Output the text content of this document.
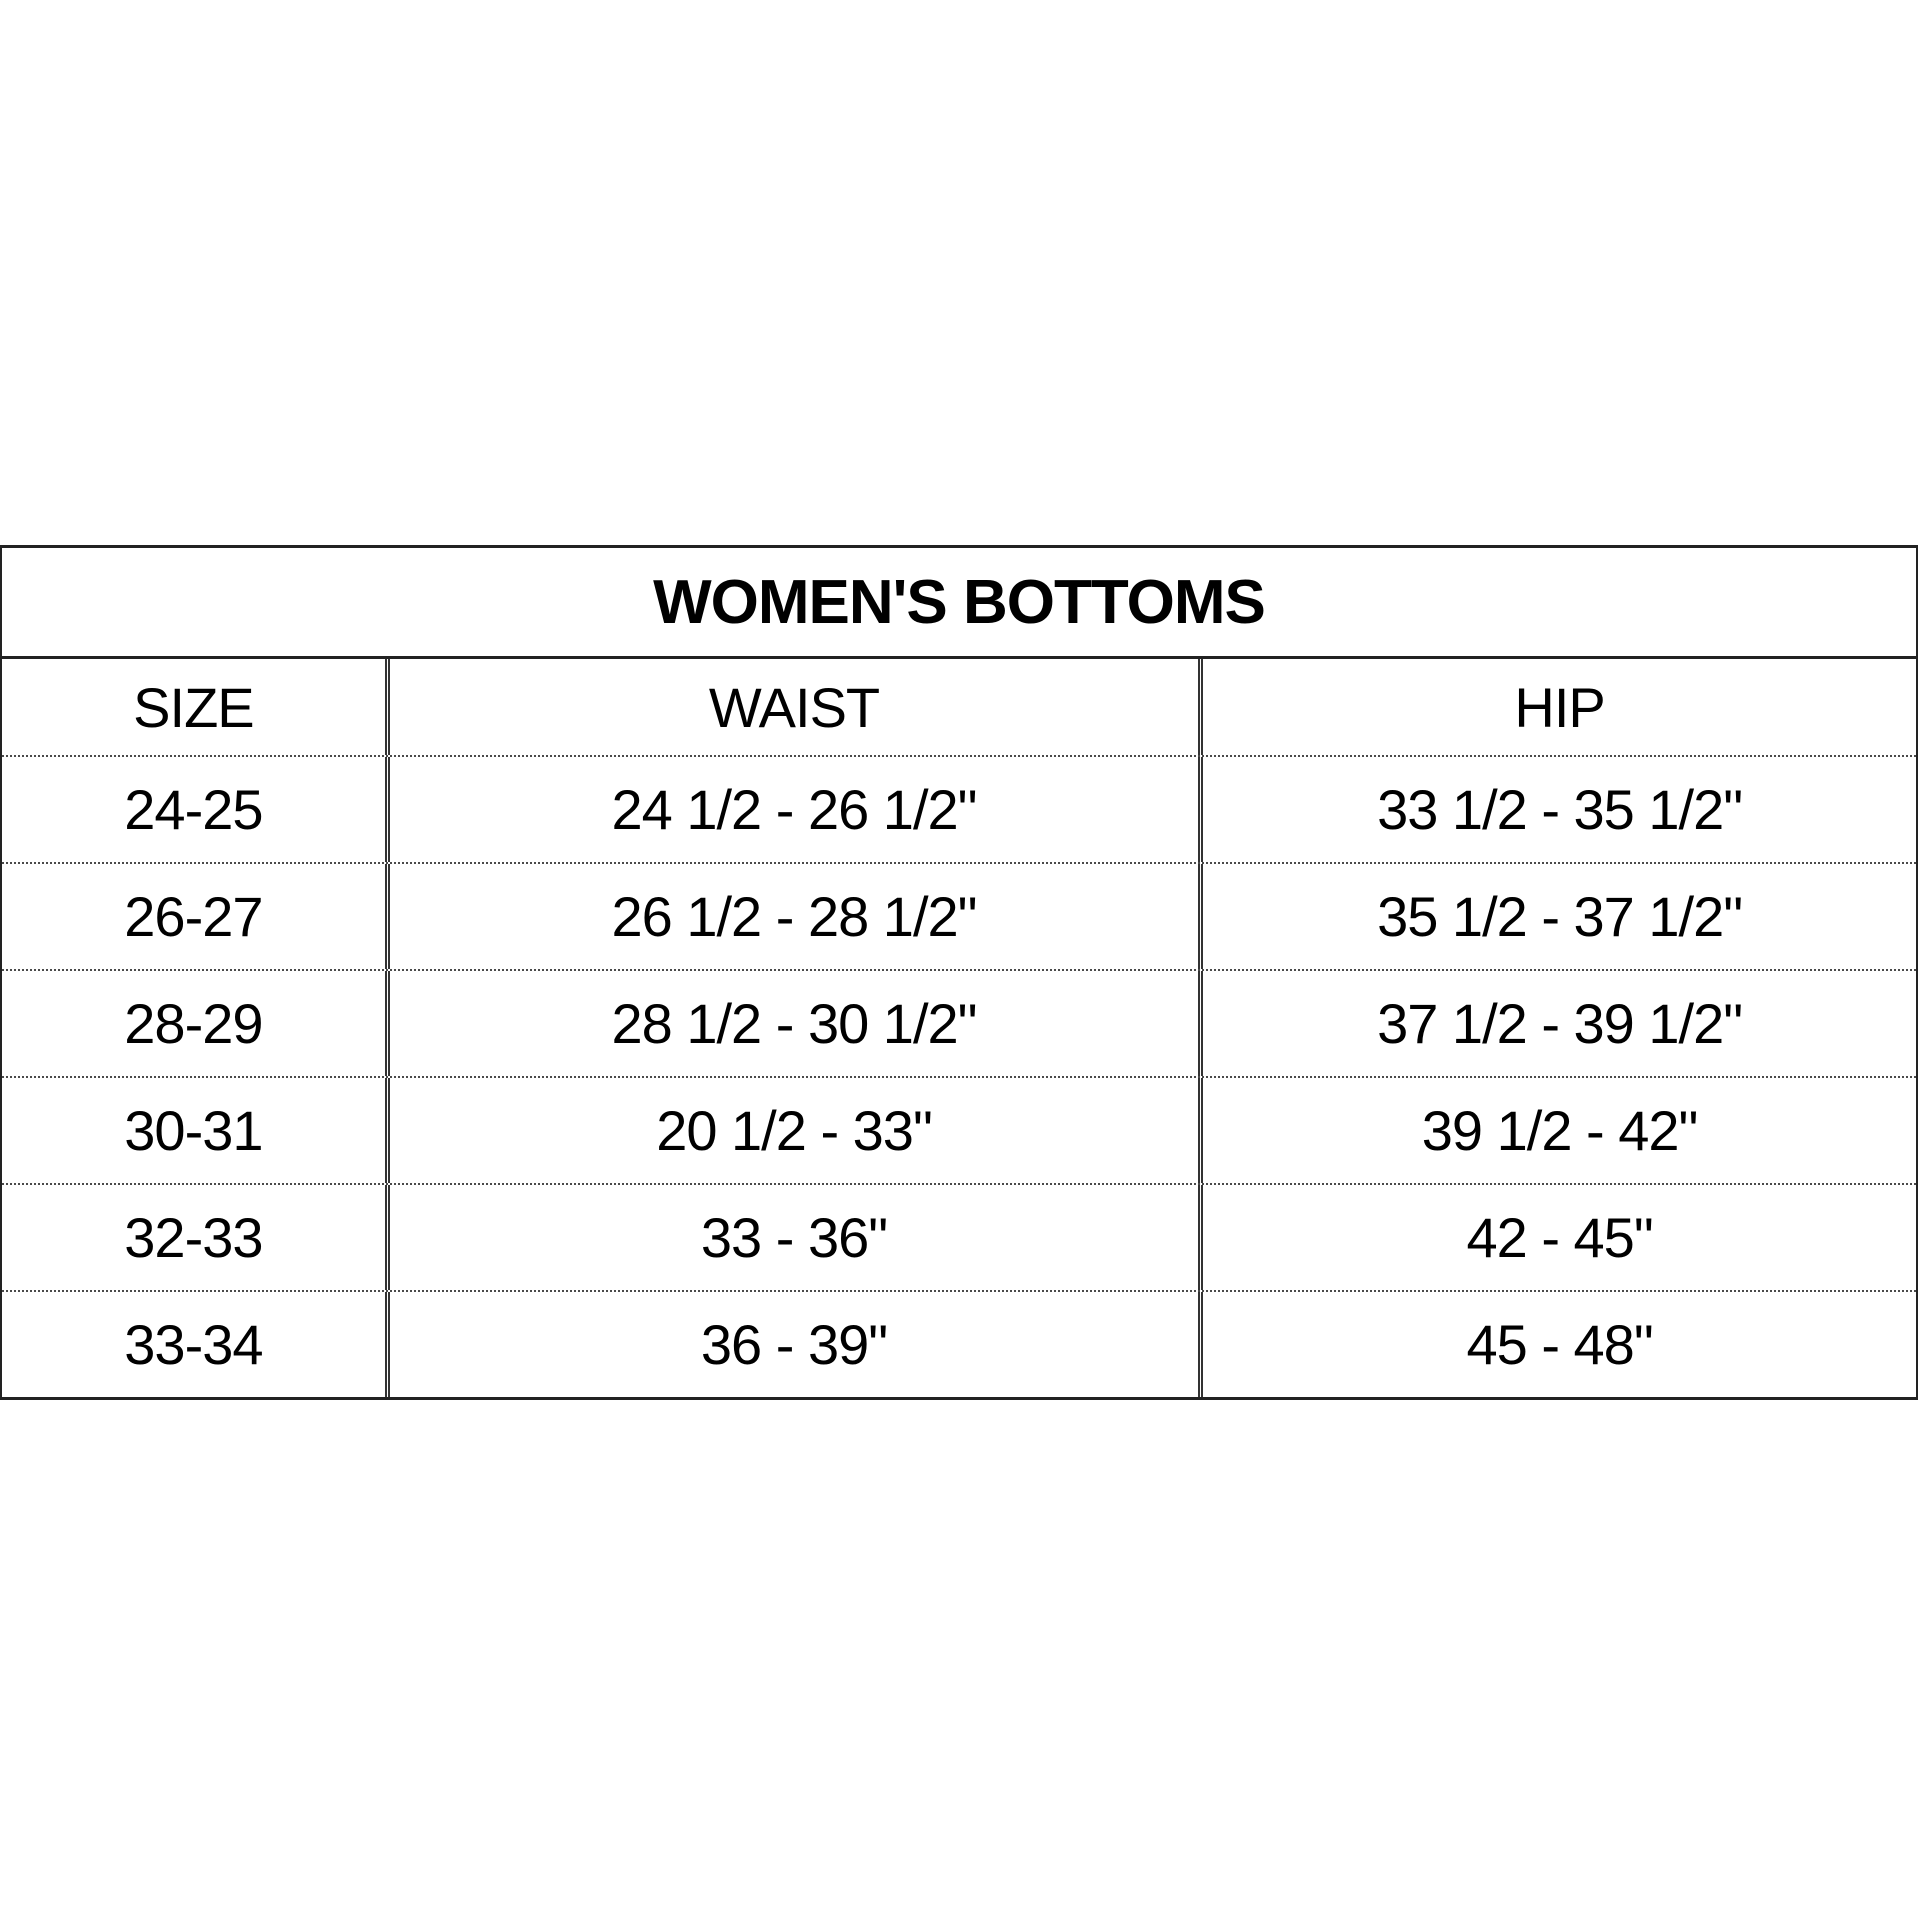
WOMEN'S BOTTOMS
SIZE	WAIST	HIP
24-25	24 1/2 - 26 1/2"	33 1/2 - 35 1/2"
26-27	26 1/2 - 28 1/2"	35 1/2 - 37 1/2"
28-29	28 1/2 - 30 1/2"	37 1/2 - 39 1/2"
30-31	20 1/2 - 33"	39 1/2 - 42"
32-33	33 - 36"	42 - 45"
33-34	36 - 39"	45 - 48"
